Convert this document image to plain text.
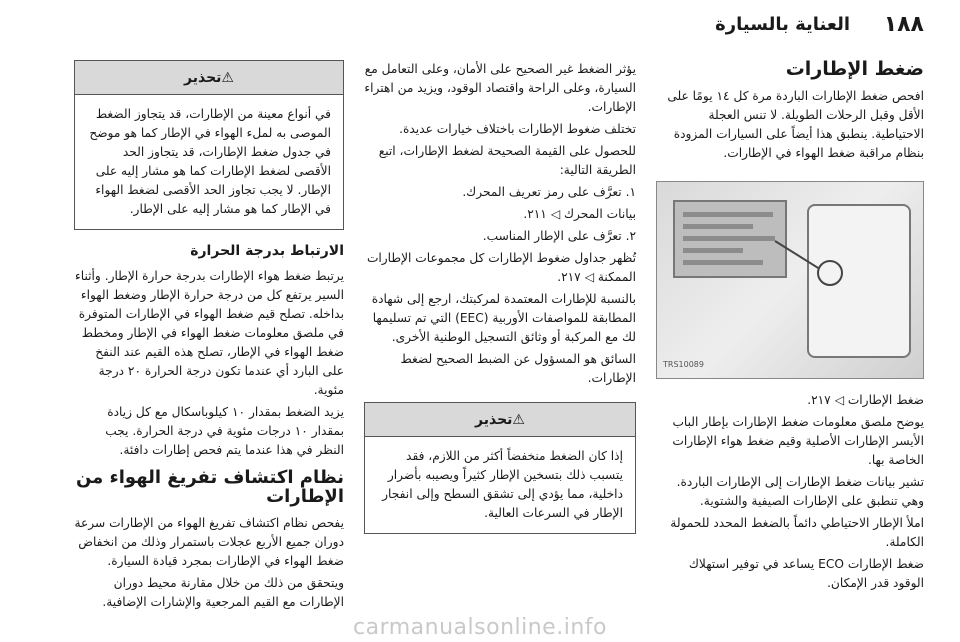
١٨٨
العناية بالسيارة
ضغط الإطارات

افحص ضغط الإطارات الباردة مرة كل ١٤ يومًا على الأقل وقبل الرحلات الطويلة. لا تنس العجلة الاحتياطية. ينطبق هذا أيضاً على السيارات المزودة بنظام مراقبة ضغط الهواء في الإطارات.

TRS10089

ضغط الإطارات ◁ ٢١٧.

يوضح ملصق معلومات ضغط الإطارات بإطار الباب الأيسر الإطارات الأصلية وقيم ضغط هواء الإطارات الخاصة بها.

تشير بيانات ضغط الإطارات إلى الإطارات الباردة. وهي تنطبق على الإطارات الصيفية والشتوية.

املأ الإطار الاحتياطي دائماً بالضغط المحدد للحمولة الكاملة.

ضغط الإطارات ECO يساعد في توفير استهلاك الوقود قدر الإمكان.

يؤثر الضغط غير الصحيح على الأمان، وعلى التعامل مع السيارة، وعلى الراحة واقتصاد الوقود، ويزيد من اهتراء الإطارات.

تختلف ضغوط الإطارات باختلاف خيارات عديدة.

للحصول على القيمة الصحيحة لضغط الإطارات، اتبع الطريقة التالية:

١. تعرَّف على رمز تعريف المحرك.

بيانات المحرك ◁ ٢١١.

٢. تعرَّف على الإطار المناسب.

تُظهر جداول ضغوط الإطارات كل مجموعات الإطارات الممكنة ◁ ٢١٧.

بالنسبة للإطارات المعتمدة لمركبتك، ارجع إلى شهادة المطابقة للمواصفات الأوربية (EEC) التي تم تسليمها لك مع المركبة أو وثائق التسجيل الوطنية الأخرى.

السائق هو المسؤول عن الضبط الصحيح لضغط الإطارات.

⚠تحذير
إذا كان الضغط منخفضاً أكثر من اللازم، فقد يتسبب ذلك بتسخين الإطار كثيراً ويصيبه بأضرار داخلية، مما يؤدي إلى تشقق السطح وإلى انفجار الإطار في السرعات العالية.
⚠تحذير
في أنواع معينة من الإطارات، قد يتجاوز الضغط الموصى به لملء الهواء في الإطار كما هو موضح في جدول ضغط الإطارات، قد يتجاوز الحد الأقصى لضغط الإطارات كما هو مشار إليه على الإطار. لا يجب تجاوز الحد الأقصى لضغط الهواء في الإطار كما هو مشار إليه على الإطار.
الارتباط بدرجة الحرارة

يرتبط ضغط هواء الإطارات بدرجة حرارة الإطار. وأثناء السير يرتفع كل من درجة حرارة الإطار وضغط الهواء بداخله. تصلح قيم ضغط الهواء في الإطارات المتوفرة في ملصق معلومات ضغط الهواء في الإطار ومخطط ضغط الهواء في الإطار، تصلح هذه القيم عند النفخ على البارد أي عندما تكون درجة الحرارة ٢٠ درجة مئوية.

يزيد الضغط بمقدار ١٠ كيلوباسكال مع كل زيادة بمقدار ١٠ درجات مئوية في درجة الحرارة. يجب النظر في هذا عندما يتم فحص إطارات دافئة.

نظام اكتشاف تفريغ الهواء من الإطارات

يفحص نظام اكتشاف تفريغ الهواء من الإطارات سرعة دوران جميع الأربع عجلات باستمرار وذلك من انخفاض ضغط الهواء في الإطارات بمجرد قيادة السيارة.

ويتحقق من ذلك من خلال مقارنة محيط دوران الإطارات مع القيم المرجعية والإشارات الإضافية.

carmanualsonline.info
